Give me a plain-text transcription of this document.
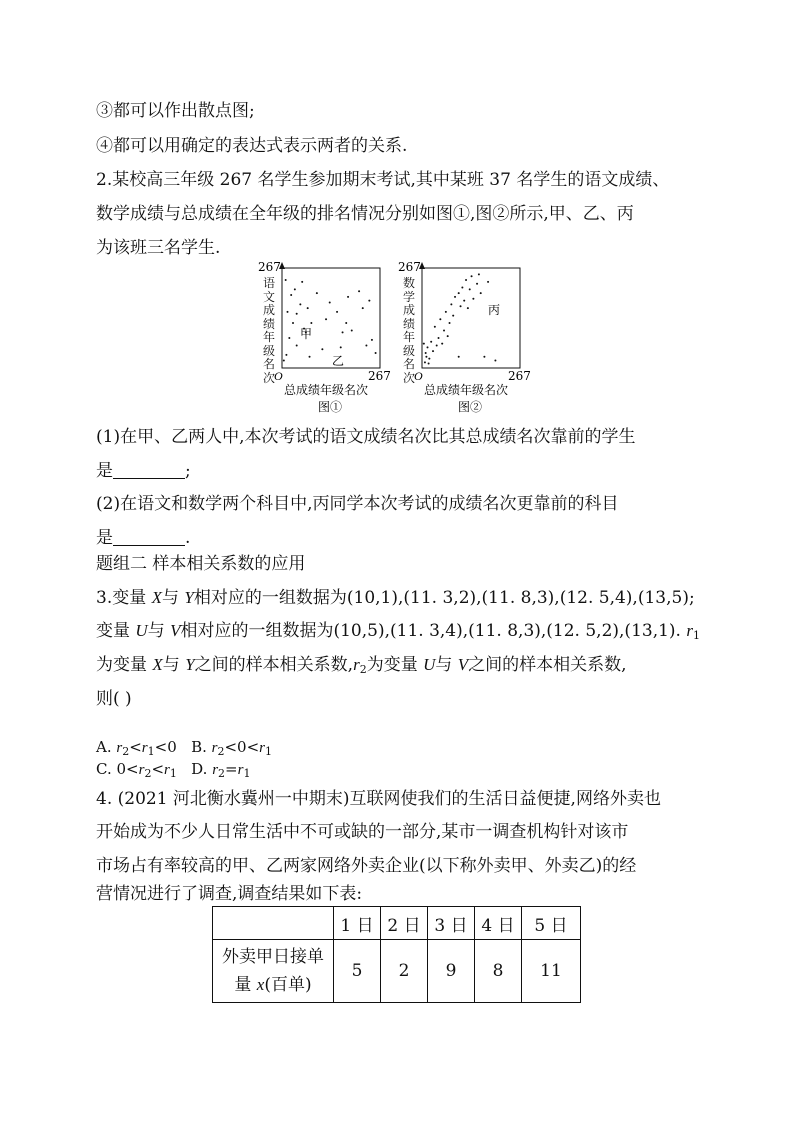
③都可以作出散点图;
④都可以用确定的表达式表示两者的关系.
2.某校高三年级 267 名学生参加期末考试,其中某班 37 名学生的语文成绩、
数学成绩与总成绩在全年级的排名情况分别如图①,图②所示,甲、乙、丙
为该班三名学生.
语文成绩年级名次
267
O	267
甲
乙
总成绩年级名次
图①
数学成绩年级名次
267
O	267
丙
总成绩年级名次
图②
(1)在甲、乙两人中,本次考试的语文成绩名次比其总成绩名次靠前的学生
是	;
(2)在语文和数学两个科目中,丙同学本次考试的成绩名次更靠前的科目
是	.
题组二 样本相关系数的应用
3.变量 X与 Y相对应的一组数据为(10,1),(11. 3,2),(11. 8,3),(12. 5,4),(13,5);
变量 U与 V相对应的一组数据为(10,5),(11. 3,4),(11. 8,3),(12. 5,2),(13,1). $r_1$
为变量 X与 Y之间的样本相关系数$,r_2$为变量 U与 V之间的样本相关系数,
则( )
A. $r_2<r_1<0$   B. $r_2<0<r_1$
C. $0<r_2<r_1$   D. $r_2=r_1$
4. (2021 河北衡水冀州一中期末)互联网使我们的生活日益便捷,网络外卖也
开始成为不少人日常生活中不可或缺的一部分,某市一调查机构针对该市
市场占有率较高的甲、乙两家网络外卖企业(以下称外卖甲、外卖乙)的经
营情况进行了调查,调查结果如下表:
	1 日	2 日	3 日	4 日	5 日

外卖甲日接单
量 x(百单)	5	2	9	8	11
